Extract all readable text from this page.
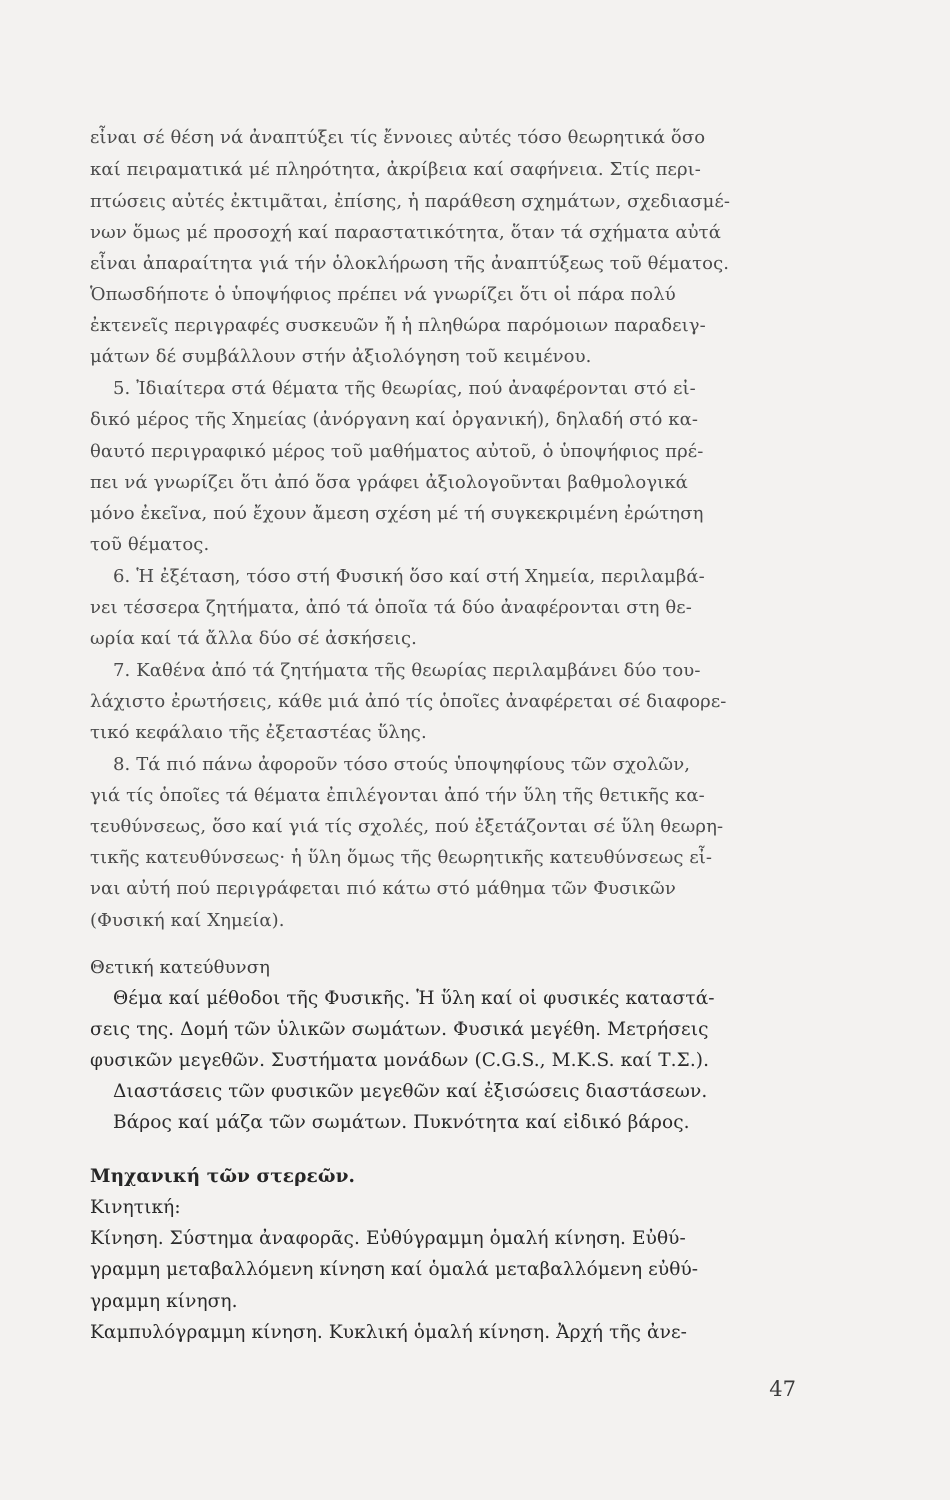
εἶναι σέ θέση νά ἀναπτύξει τίς ἔννοιες αὐτές τόσο θεωρητικά ὅσο
καί πειραματικά μέ πληρότητα, ἀκρίβεια καί σαφήνεια. Στίς περι-
πτώσεις αὐτές ἐκτιμᾶται, ἐπίσης, ἡ παράθεση σχημάτων, σχεδιασμέ-
νων ὅμως μέ προσοχή καί παραστατικότητα, ὅταν τά σχήματα αὐτά
εἶναι ἀπαραίτητα γιά τήν ὁλοκλήρωση τῆς ἀναπτύξεως τοῦ θέματος.
Ὁπωσδήποτε ὁ ὑποψήφιος πρέπει νά γνωρίζει ὅτι οἱ πάρα πολύ
ἐκτενεῖς περιγραφές συσκευῶν ἤ ἡ πληθώρα παρόμοιων παραδειγ-
μάτων δέ συμβάλλουν στήν ἀξιολόγηση τοῦ κειμένου.
5. Ἰδιαίτερα στά θέματα τῆς θεωρίας, πού ἀναφέρονται στό εἰ-
δικό μέρος τῆς Χημείας (ἀνόργανη καί ὀργανική), δηλαδή στό κα-
θαυτό περιγραφικό μέρος τοῦ μαθήματος αὐτοῦ, ὁ ὑποψήφιος πρέ-
πει νά γνωρίζει ὅτι ἀπό ὅσα γράφει ἀξιολογοῦνται βαθμολογικά
μόνο ἐκεῖνα, πού ἔχουν ἄμεση σχέση μέ τή συγκεκριμένη ἐρώτηση
τοῦ θέματος.
6. Ἡ ἐξέταση, τόσο στή Φυσική ὅσο καί στή Χημεία, περιλαμβά-
νει τέσσερα ζητήματα, ἀπό τά ὁποῖα τά δύο ἀναφέρονται στη θε-
ωρία καί τά ἄλλα δύο σέ ἀσκήσεις.
7. Καθένα ἀπό τά ζητήματα τῆς θεωρίας περιλαμβάνει δύο του-
λάχιστο ἐρωτήσεις, κάθε μιά ἀπό τίς ὁποῖες ἀναφέρεται σέ διαφορε-
τικό κεφάλαιο τῆς ἐξεταστέας ὕλης.
8. Τά πιό πάνω ἀφοροῦν τόσο στούς ὑποψηφίους τῶν σχολῶν,
γιά τίς ὁποῖες τά θέματα ἐπιλέγονται ἀπό τήν ὕλη τῆς θετικῆς κα-
τευθύνσεως, ὅσο καί γιά τίς σχολές, πού ἐξετάζονται σέ ὕλη θεωρη-
τικῆς κατευθύνσεως· ἡ ὕλη ὅμως τῆς θεωρητικῆς κατευθύνσεως εἶ-
ναι αὐτή πού περιγράφεται πιό κάτω στό μάθημα τῶν Φυσικῶν
(Φυσική καί Χημεία).
Θετική κατεύθυνση
Θέμα καί μέθοδοι τῆς Φυσικῆς. Ἡ ὕλη καί οἱ φυσικές καταστά-
σεις της. Δομή τῶν ὑλικῶν σωμάτων. Φυσικά μεγέθη. Μετρήσεις
φυσικῶν μεγεθῶν. Συστήματα μονάδων (C.G.S., M.K.S. καί Τ.Σ.).
Διαστάσεις τῶν φυσικῶν μεγεθῶν καί ἐξισώσεις διαστάσεων.
Βάρος καί μάζα τῶν σωμάτων. Πυκνότητα καί εἰδικό βάρος.
Μηχανική τῶν στερεῶν.
Κινητική:
Κίνηση. Σύστημα ἀναφορᾶς. Εὐθύγραμμη ὁμαλή κίνηση. Εὐθύ-
γραμμη μεταβαλλόμενη κίνηση καί ὁμαλά μεταβαλλόμενη εὐθύ-
γραμμη κίνηση.
Καμπυλόγραμμη κίνηση. Κυκλική ὁμαλή κίνηση. Ἀρχή τῆς ἀνε-
47
